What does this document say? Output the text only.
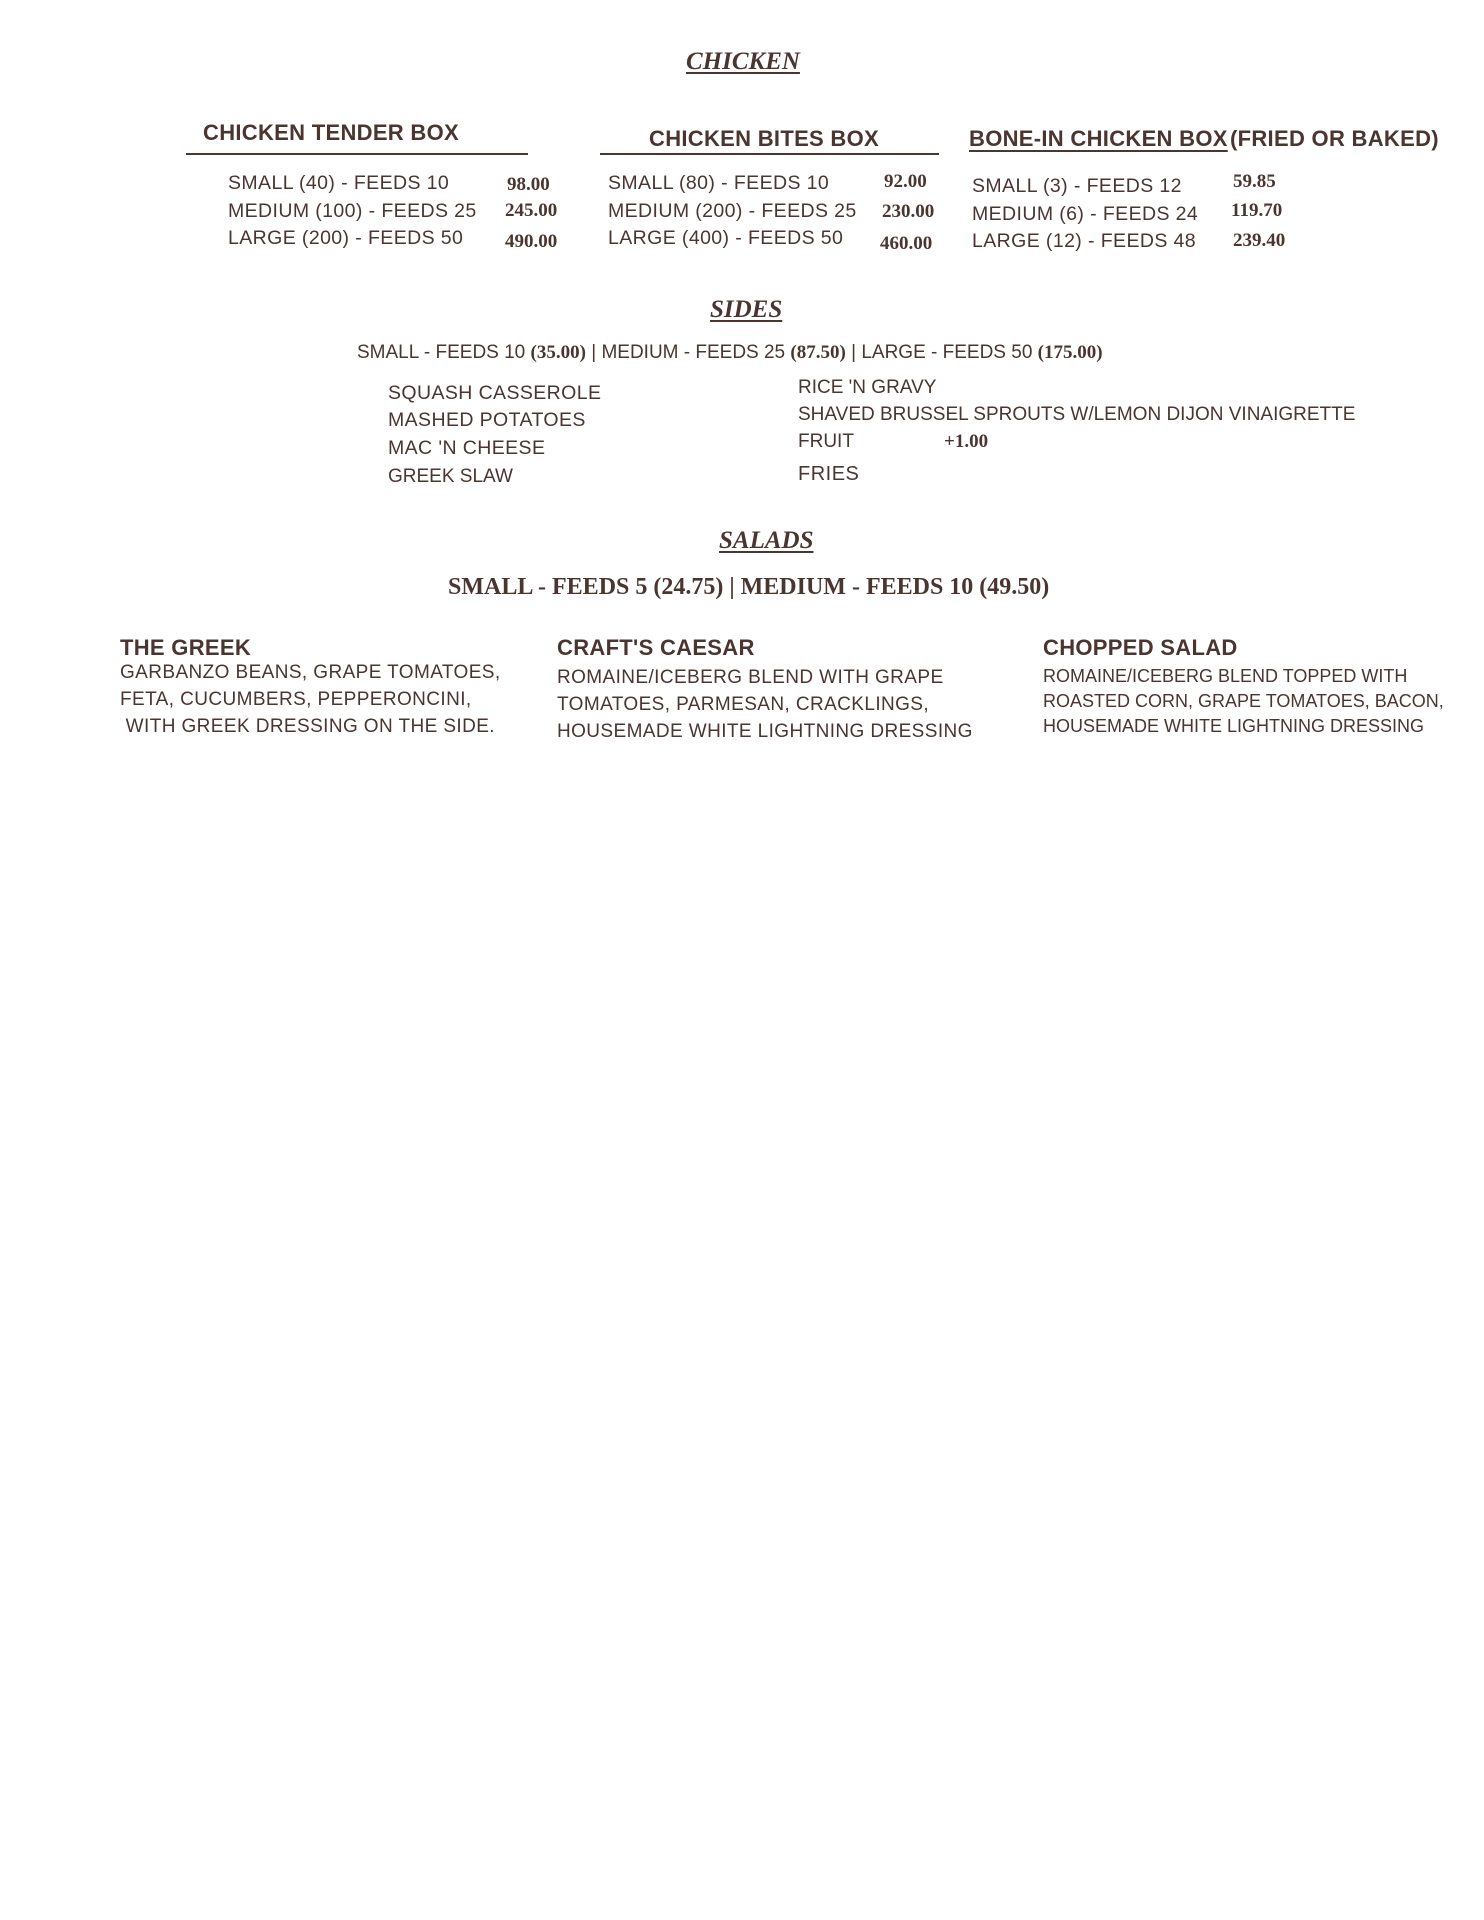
CHICKEN
CHICKEN TENDER BOX
SMALL (40) - FEEDS 10	98.00
MEDIUM (100) - FEEDS 25 245.00
LARGE (200) - FEEDS 50 490.00
CHICKEN BITES BOX
SMALL (80) - FEEDS 10	92.00
MEDIUM (200) - FEEDS 25 230.00
LARGE (400) - FEEDS 50 460.00
BONE-IN CHICKEN BOX (FRIED OR BAKED)
SMALL (3) - FEEDS 12	59.85
MEDIUM (6) - FEEDS 24 119.70
LARGE (12) - FEEDS 48 239.40
SIDES
SMALL - FEEDS 10 (35.00) | MEDIUM - FEEDS 25 (87.50) | LARGE - FEEDS 50 (175.00)
SQUASH CASSEROLE
MASHED POTATOES
MAC 'N CHEESE
GREEK SLAW
RICE 'N GRAVY
SHAVED BRUSSEL SPROUTS W/LEMON DIJON VINAIGRETTE
FRUIT	+1.00
FRIES
SALADS
SMALL - FEEDS 5 (24.75) | MEDIUM - FEEDS 10 (49.50)
THE GREEK
GARBANZO BEANS, GRAPE TOMATOES,
FETA, CUCUMBERS, PEPPERONCINI,
WITH GREEK DRESSING ON THE SIDE.
CRAFT'S CAESAR
ROMAINE/ICEBERG BLEND WITH GRAPE
TOMATOES, PARMESAN, CRACKLINGS,
HOUSEMADE WHITE LIGHTNING DRESSING
CHOPPED SALAD
ROMAINE/ICEBERG BLEND TOPPED WITH
ROASTED CORN, GRAPE TOMATOES, BACON,
HOUSEMADE WHITE LIGHTNING DRESSING
